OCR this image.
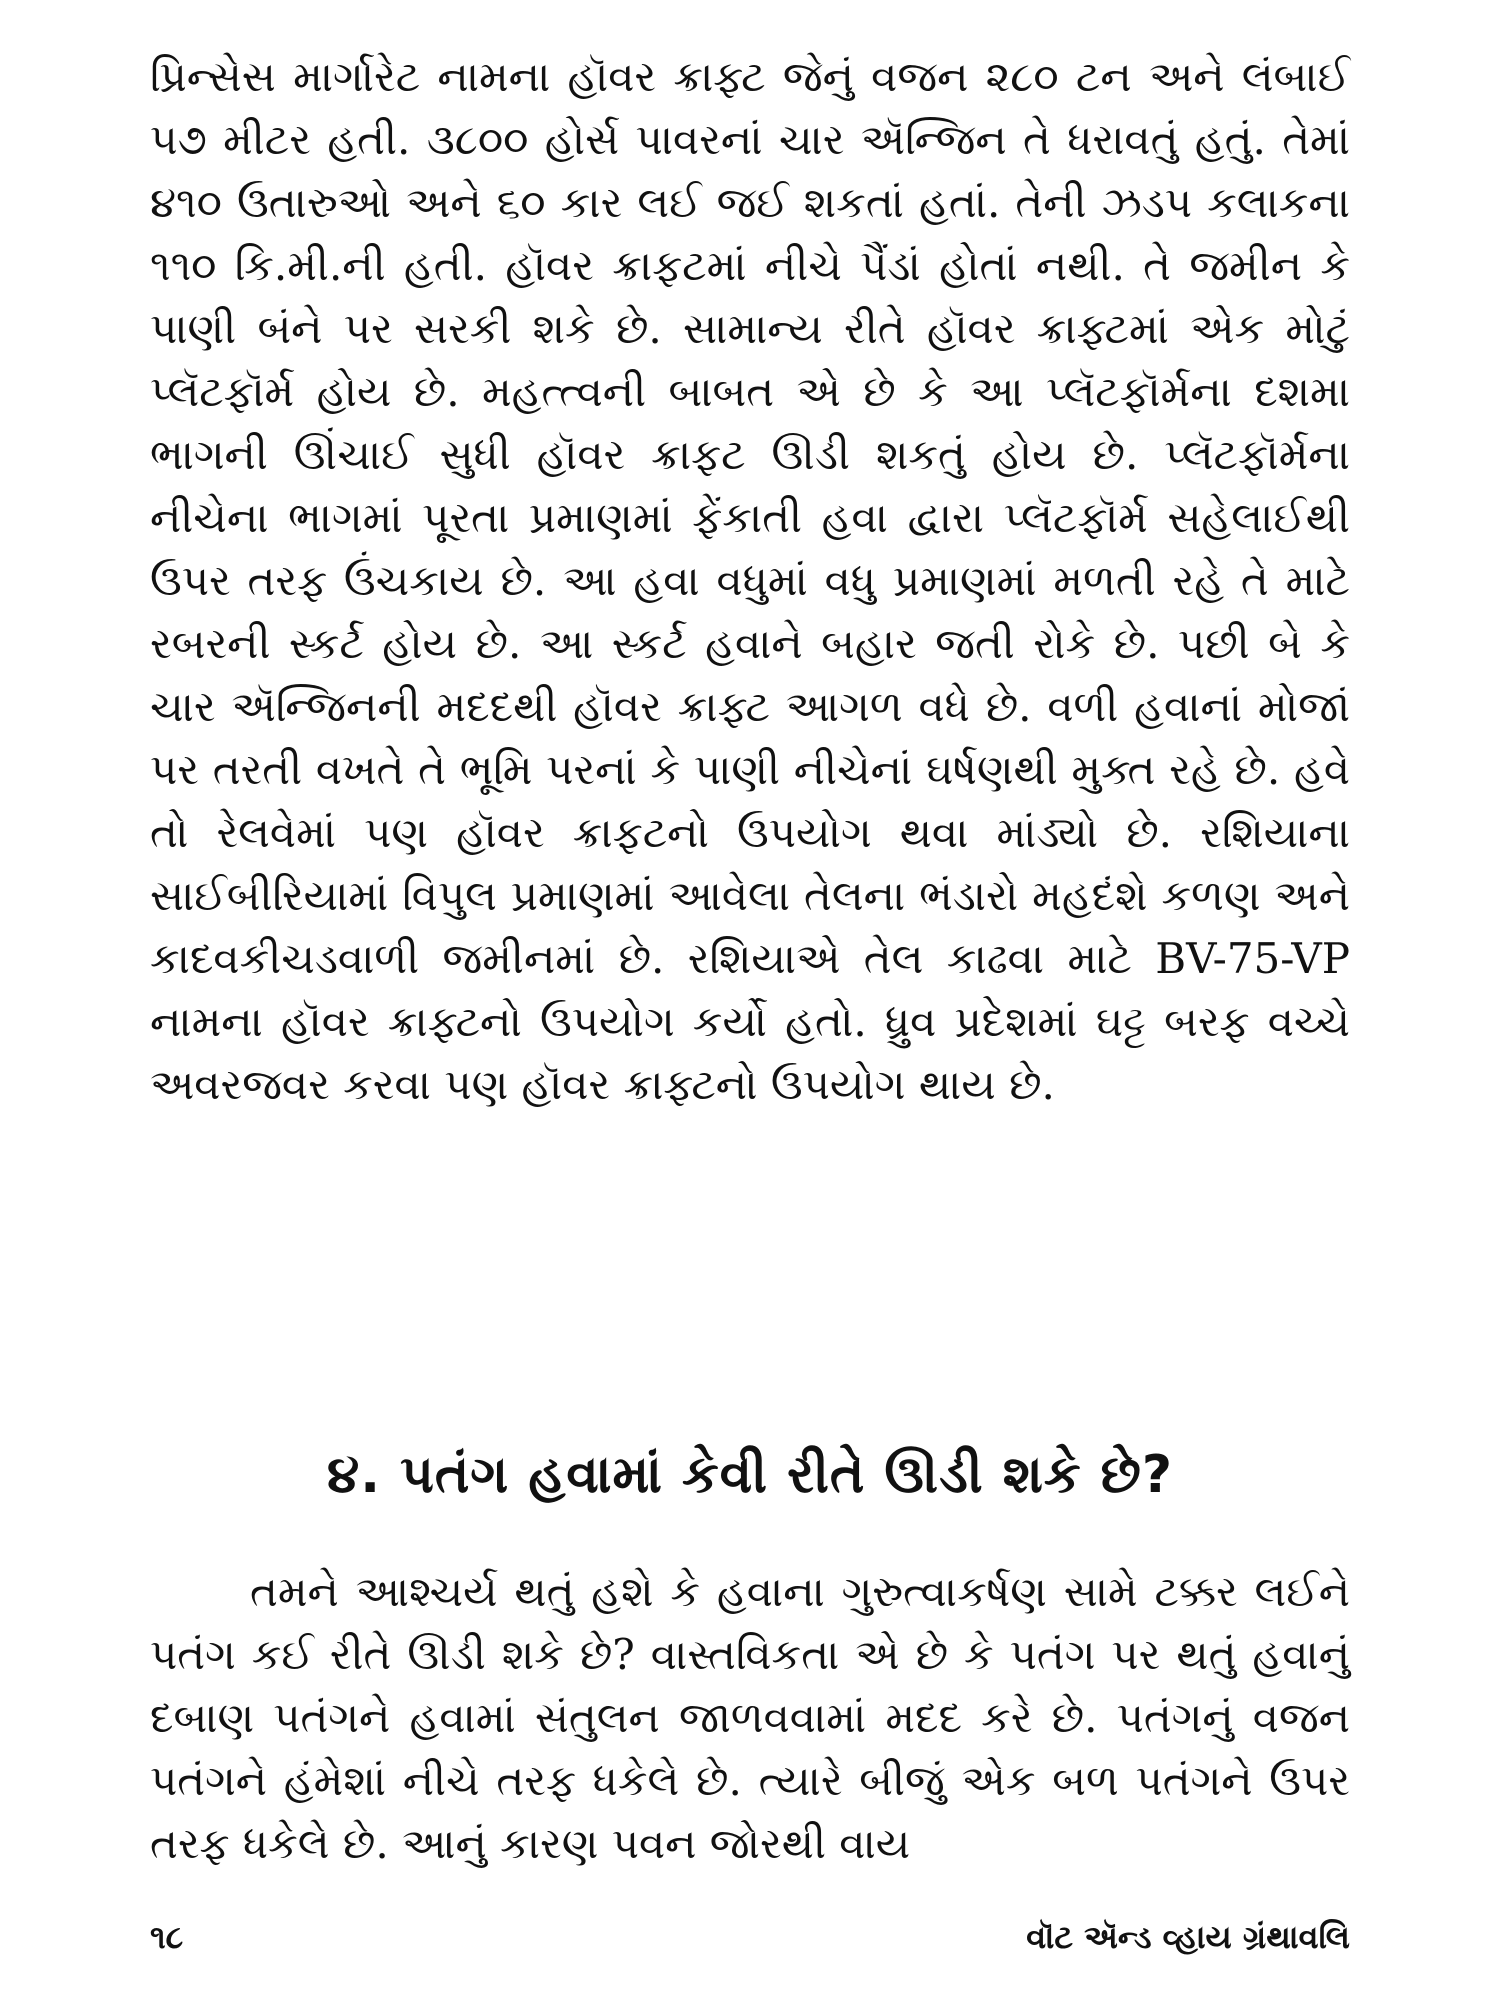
પ્રિન્સેસ માર્ગારેટ નામના હૉવર ક્રાફ્ટ જેનું વજન ૨૮૦ ટન અને લંબાઈ ૫૭ મીટર હતી. ૩૮૦૦ હોર્સ પાવરનાં ચાર ઍન્જિન તે ધરાવતું હતું. તેમાં ૪૧૦ ઉતારુઓ અને ૬૦ કાર લઈ જઈ શકતાં હતાં. તેની ઝડપ કલાકના ૧૧૦ કિ.મી.ની હતી. હૉવર ક્રાફટમાં નીચે પૈંડાં હોતાં નથી. તે જમીન કે પાણી બંને પર સરકી શકે છે. સામાન્ય રીતે હૉવર ક્રાફ્ટમાં એક મોટું પ્લૅટફૉર્મ હોય છે. મહત્ત્વની બાબત એ છે કે આ પ્લૅટફૉર્મના દશમા ભાગની ઊંચાઈ સુધી હૉવર ક્રાફટ ઊડી શકતું હોય છે. પ્લૅટફૉર્મના નીચેના ભાગમાં પૂરતા પ્રમાણમાં ફેંકાતી હવા દ્વારા પ્લૅટફૉર્મ સહેલાઈથી ઉપર તરફ ઉંચકાય છે. આ હવા વધુમાં વધુ પ્રમાણમાં મળતી રહે તે માટે રબરની સ્કર્ટ હોય છે. આ સ્કર્ટ હવાને બહાર જતી રોકે છે. પછી બે કે ચાર ઍન્જિનની મદદથી હૉવર ક્રાફ્ટ આગળ વધે છે. વળી હવાનાં મોજાં પર તરતી વખતે તે ભૂમિ પરનાં કે પાણી નીચેનાં ઘર્ષણથી મુક્ત રહે છે. હવે તો રેલવેમાં પણ હૉવર ક્રાફટનો ઉપયોગ થવા માંડ્યો છે. રશિયાના સાઈબીરિયામાં વિપુલ પ્રમાણમાં આવેલા તેલના ભંડારો મહદંશે કળણ અને કાદવકીચડવાળી જમીનમાં છે. રશિયાએ તેલ કાઢવા માટે BV-75-VP નામના હૉવર ક્રાફ્ટનો ઉપયોગ કર્યો હતો. ધ્રુવ પ્રદેશમાં ઘટ્ટ બરફ વચ્ચે અવરજવર કરવા પણ હૉવર ક્રાફ્ટનો ઉપયોગ થાય છે.

૪. પતંગ હવામાં કેવી રીતે ઊડી શકે છે?

તમને આશ્ચર્ય થતું હશે કે હવાના ગુરુત્વાકર્ષણ સામે ટક્કર લઈને પતંગ કઈ રીતે ઊડી શકે છે? વાસ્તવિકતા એ છે કે પતંગ પર થતું હવાનું દબાણ પતંગને હવામાં સંતુલન જાળવવામાં મદદ કરે છે. પતંગનું વજન પતંગને હંમેશાં નીચે તરફ ધકેલે છે. ત્યારે બીજું એક બળ પતંગને ઉપર તરફ ધકેલે છે. આનું કારણ પવન જોરથી વાય

૧૮	વૉટ ઍન્ડ વ્હાય ગ્રંથાવલિ
